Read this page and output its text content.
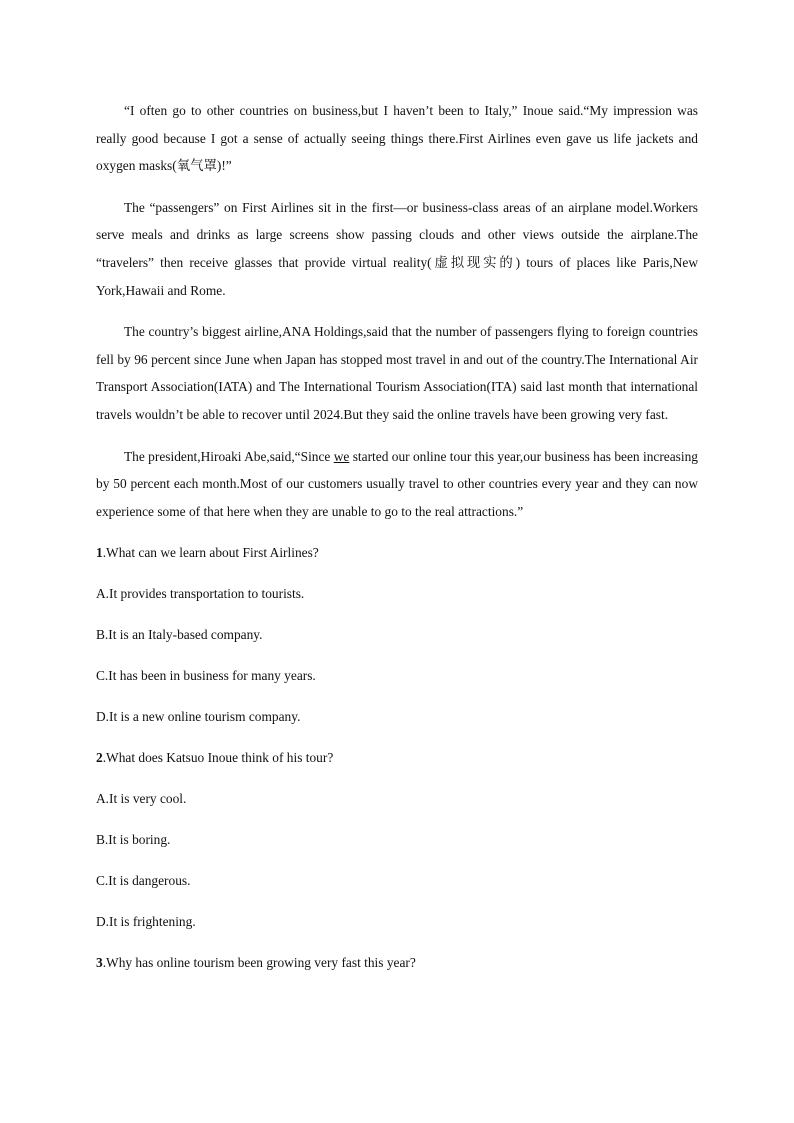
“I often go to other countries on business,but I haven’t been to Italy,” Inoue said.“My impression was really good because I got a sense of actually seeing things there.First Airlines even gave us life jackets and oxygen masks(氧气罩)!”

The “passengers” on First Airlines sit in the first—or business-class areas of an airplane model.Workers serve meals and drinks as large screens show passing clouds and other views outside the airplane.The “travelers” then receive glasses that provide virtual reality(虚拟现实的) tours of places like Paris,New York,Hawaii and Rome.

The country’s biggest airline,ANA Holdings,said that the number of passengers flying to foreign countries fell by 96 percent since June when Japan has stopped most travel in and out of the country.The International Air Transport Association(IATA) and The International Tourism Association(ITA) said last month that international travels wouldn’t be able to recover until 2024.But they said the online travels have been growing very fast.

The president,Hiroaki Abe,said,“Since we started our online tour this year,our business has been increasing by 50 percent each month.Most of our customers usually travel to other countries every year and they can now experience some of that here when they are unable to go to the real attractions.”

1.What can we learn about First Airlines?

A.It provides transportation to tourists.

B.It is an Italy-based company.

C.It has been in business for many years.

D.It is a new online tourism company.

2.What does Katsuo Inoue think of his tour?

A.It is very cool.

B.It is boring.

C.It is dangerous.

D.It is frightening.

3.Why has online tourism been growing very fast this year?
